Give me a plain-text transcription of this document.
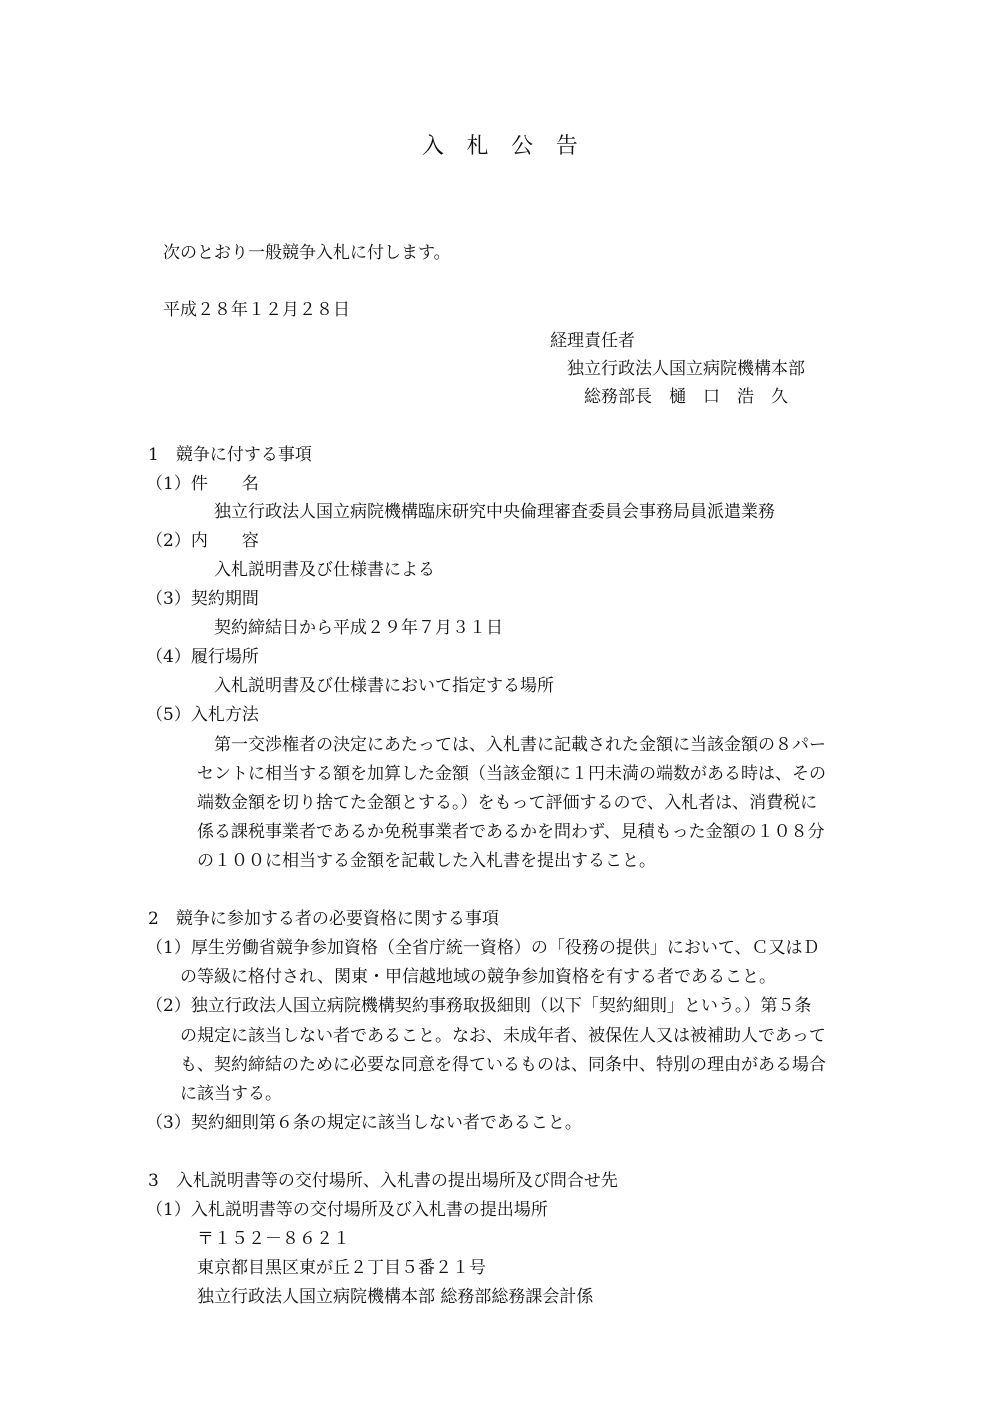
入　札　公　告
次のとおり一般競争入札に付します。
平成２８年１２月２８日
経理責任者
独立行政法人国立病院機構本部
総務部長　樋　口　浩　久
1　競争に付する事項
（1）件　　名
独立行政法人国立病院機構臨床研究中央倫理審査委員会事務局員派遣業務
（2）内　　容
入札説明書及び仕様書による
（3）契約期間
契約締結日から平成２９年７月３１日
（4）履行場所
入札説明書及び仕様書において指定する場所
（5）入札方法
第一交渉権者の決定にあたっては、入札書に記載された金額に当該金額の８パー
セントに相当する額を加算した金額（当該金額に１円未満の端数がある時は、その
端数金額を切り捨てた金額とする。）をもって評価するので、入札者は、消費税に
係る課税事業者であるか免税事業者であるかを問わず、見積もった金額の１０８分
の１００に相当する金額を記載した入札書を提出すること。
2　競争に参加する者の必要資格に関する事項
（1）厚生労働省競争参加資格（全省庁統一資格）の「役務の提供」において、Ｃ又はＤ
の等級に格付され、関東・甲信越地域の競争参加資格を有する者であること。
（2）独立行政法人国立病院機構契約事務取扱細則（以下「契約細則」という。）第５条
の規定に該当しない者であること。なお、未成年者、被保佐人又は被補助人であって
も、契約締結のために必要な同意を得ているものは、同条中、特別の理由がある場合
に該当する。
（3）契約細則第６条の規定に該当しない者であること。
3　入札説明書等の交付場所、入札書の提出場所及び問合せ先
（1）入札説明書等の交付場所及び入札書の提出場所
〒１５２－８６２１
東京都目黒区東が丘２丁目５番２１号
独立行政法人国立病院機構本部 総務部総務課会計係
